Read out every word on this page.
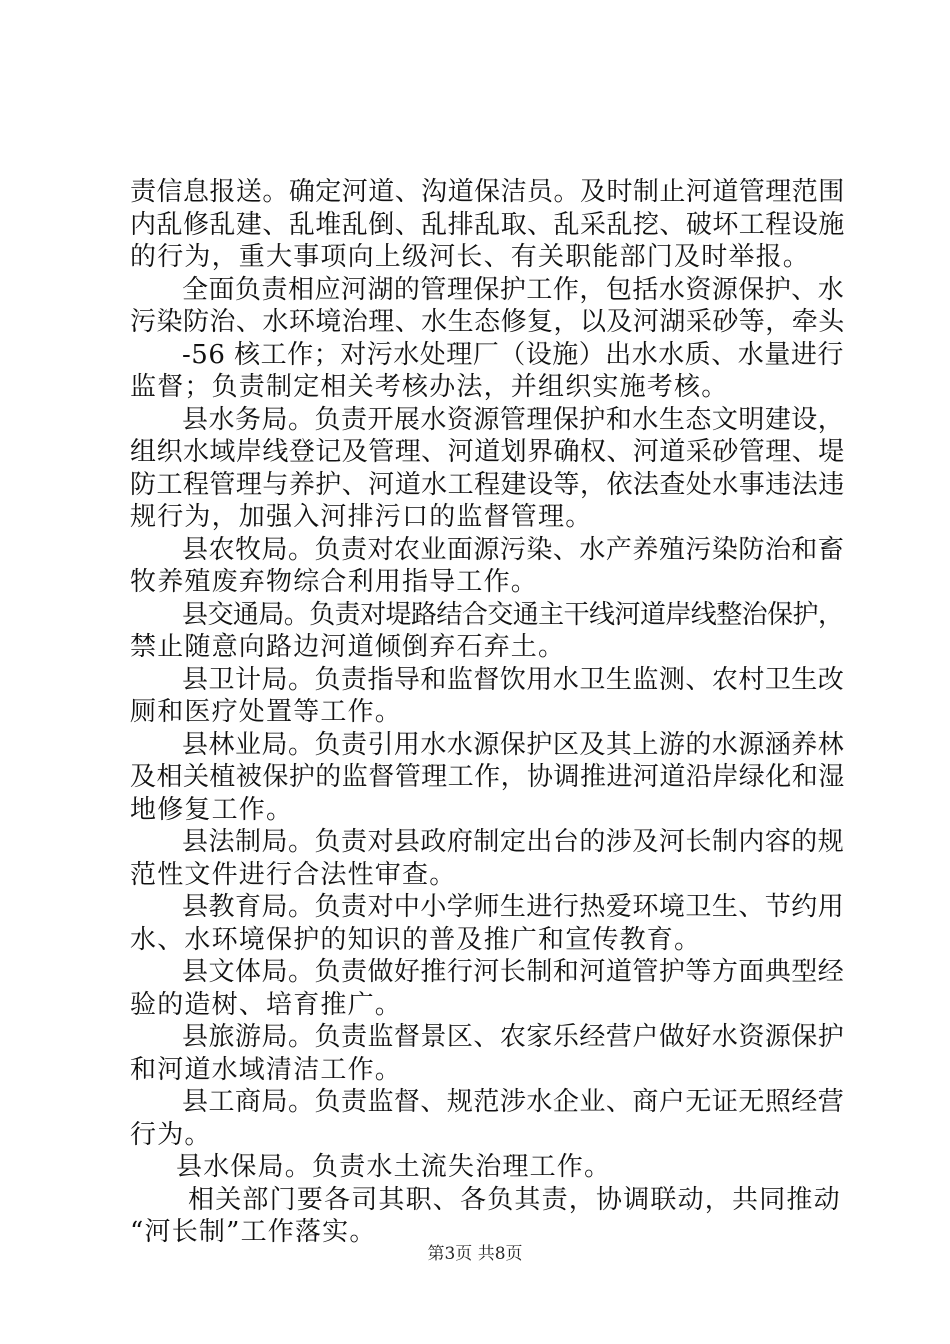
责信息报送。确定河道、沟道保洁员。及时制止河道管理范围
内乱修乱建、乱堆乱倒、乱排乱取、乱采乱挖、破坏工程设施
的行为，重大事项向上级河长、有关职能部门及时举报。
全面负责相应河湖的管理保护工作，包括水资源保护、水
污染防治、水环境治理、水生态修复，以及河湖采砂等，牵头
-56 核工作；对污水处理厂（设施）出水水质、水量进行
监督；负责制定相关考核办法，并组织实施考核。
县水务局。负责开展水资源管理保护和水生态文明建设，
组织水域岸线登记及管理、河道划界确权、河道采砂管理、堤
防工程管理与养护、河道水工程建设等，依法查处水事违法违
规行为，加强入河排污口的监督管理。
县农牧局。负责对农业面源污染、水产养殖污染防治和畜
牧养殖废弃物综合利用指导工作。
县交通局。负责对堤路结合交通主干线河道岸线整治保护，
禁止随意向路边河道倾倒弃石弃土。
县卫计局。负责指导和监督饮用水卫生监测、农村卫生改
厕和医疗处置等工作。
县林业局。负责引用水水源保护区及其上游的水源涵养林
及相关植被保护的监督管理工作，协调推进河道沿岸绿化和湿
地修复工作。
县法制局。负责对县政府制定出台的涉及河长制内容的规
范性文件进行合法性审查。
县教育局。负责对中小学师生进行热爱环境卫生、节约用
水、水环境保护的知识的普及推广和宣传教育。
县文体局。负责做好推行河长制和河道管护等方面典型经
验的造树、培育推广。
县旅游局。负责监督景区、农家乐经营户做好水资源保护
和河道水域清洁工作。
县工商局。负责监督、规范涉水企业、商户无证无照经营
行为。
县水保局。负责水土流失治理工作。
相关部门要各司其职、各负其责，协调联动，共同推动
“河长制”工作落实。
第3页 共8页
